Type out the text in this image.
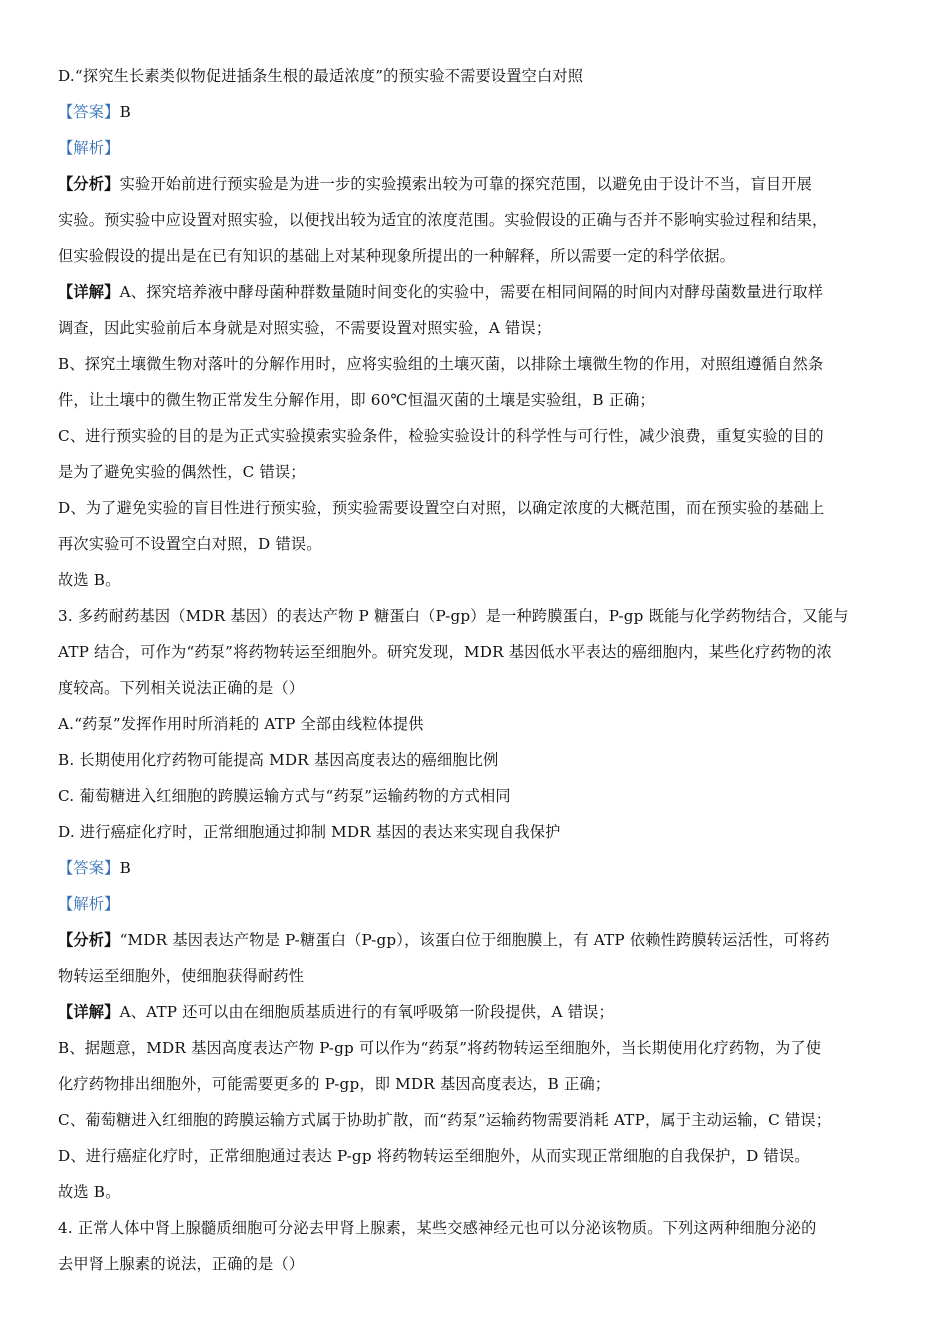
D.“探究生长素类似物促进插条生根的最适浓度”的预实验不需要设置空白对照
【答案】B
【解析】
【分析】实验开始前进行预实验是为进一步的实验摸索出较为可靠的探究范围，以避免由于设计不当，盲目开展
实验。预实验中应设置对照实验，以便找出较为适宜的浓度范围。实验假设的正确与否并不影响实验过程和结果，
但实验假设的提出是在已有知识的基础上对某种现象所提出的一种解释，所以需要一定的科学依据。
【详解】A、探究培养液中酵母菌种群数量随时间变化的实验中，需要在相同间隔的时间内对酵母菌数量进行取样
调查，因此实验前后本身就是对照实验，不需要设置对照实验，A 错误；
B、探究土壤微生物对落叶的分解作用时，应将实验组的土壤灭菌，以排除土壤微生物的作用，对照组遵循自然条
件，让土壤中的微生物正常发生分解作用，即 60℃恒温灭菌的土壤是实验组，B 正确；
C、进行预实验的目的是为正式实验摸索实验条件，检验实验设计的科学性与可行性，减少浪费，重复实验的目的
是为了避免实验的偶然性，C 错误；
D、为了避免实验的盲目性进行预实验，预实验需要设置空白对照，以确定浓度的大概范围，而在预实验的基础上
再次实验可不设置空白对照，D 错误。
故选 B。
3. 多药耐药基因（MDR 基因）的表达产物 P 糖蛋白（P-gp）是一种跨膜蛋白，P-gp 既能与化学药物结合，又能与
ATP 结合，可作为“药泵”将药物转运至细胞外。研究发现，MDR 基因低水平表达的癌细胞内，某些化疗药物的浓
度较高。下列相关说法正确的是（）
A.“药泵”发挥作用时所消耗的 ATP 全部由线粒体提供
B. 长期使用化疗药物可能提高 MDR 基因高度表达的癌细胞比例
C. 葡萄糖进入红细胞的跨膜运输方式与“药泵”运输药物的方式相同
D. 进行癌症化疗时，正常细胞通过抑制 MDR 基因的表达来实现自我保护
【答案】B
【解析】
【分析】“MDR 基因表达产物是 P-糖蛋白（P-gp），该蛋白位于细胞膜上，有 ATP 依赖性跨膜转运活性，可将药
物转运至细胞外，使细胞获得耐药性
【详解】A、ATP 还可以由在细胞质基质进行的有氧呼吸第一阶段提供，A 错误；
B、据题意，MDR 基因高度表达产物 P-gp 可以作为“药泵”将药物转运至细胞外，当长期使用化疗药物，为了使
化疗药物排出细胞外，可能需要更多的 P-gp，即 MDR 基因高度表达，B 正确；
C、葡萄糖进入红细胞的跨膜运输方式属于协助扩散，而“药泵”运输药物需要消耗 ATP，属于主动运输，C 错误；
D、进行癌症化疗时，正常细胞通过表达 P-gp 将药物转运至细胞外，从而实现正常细胞的自我保护，D 错误。
故选 B。
4. 正常人体中肾上腺髓质细胞可分泌去甲肾上腺素，某些交感神经元也可以分泌该物质。下列这两种细胞分泌的
去甲肾上腺素的说法，正确的是（）
